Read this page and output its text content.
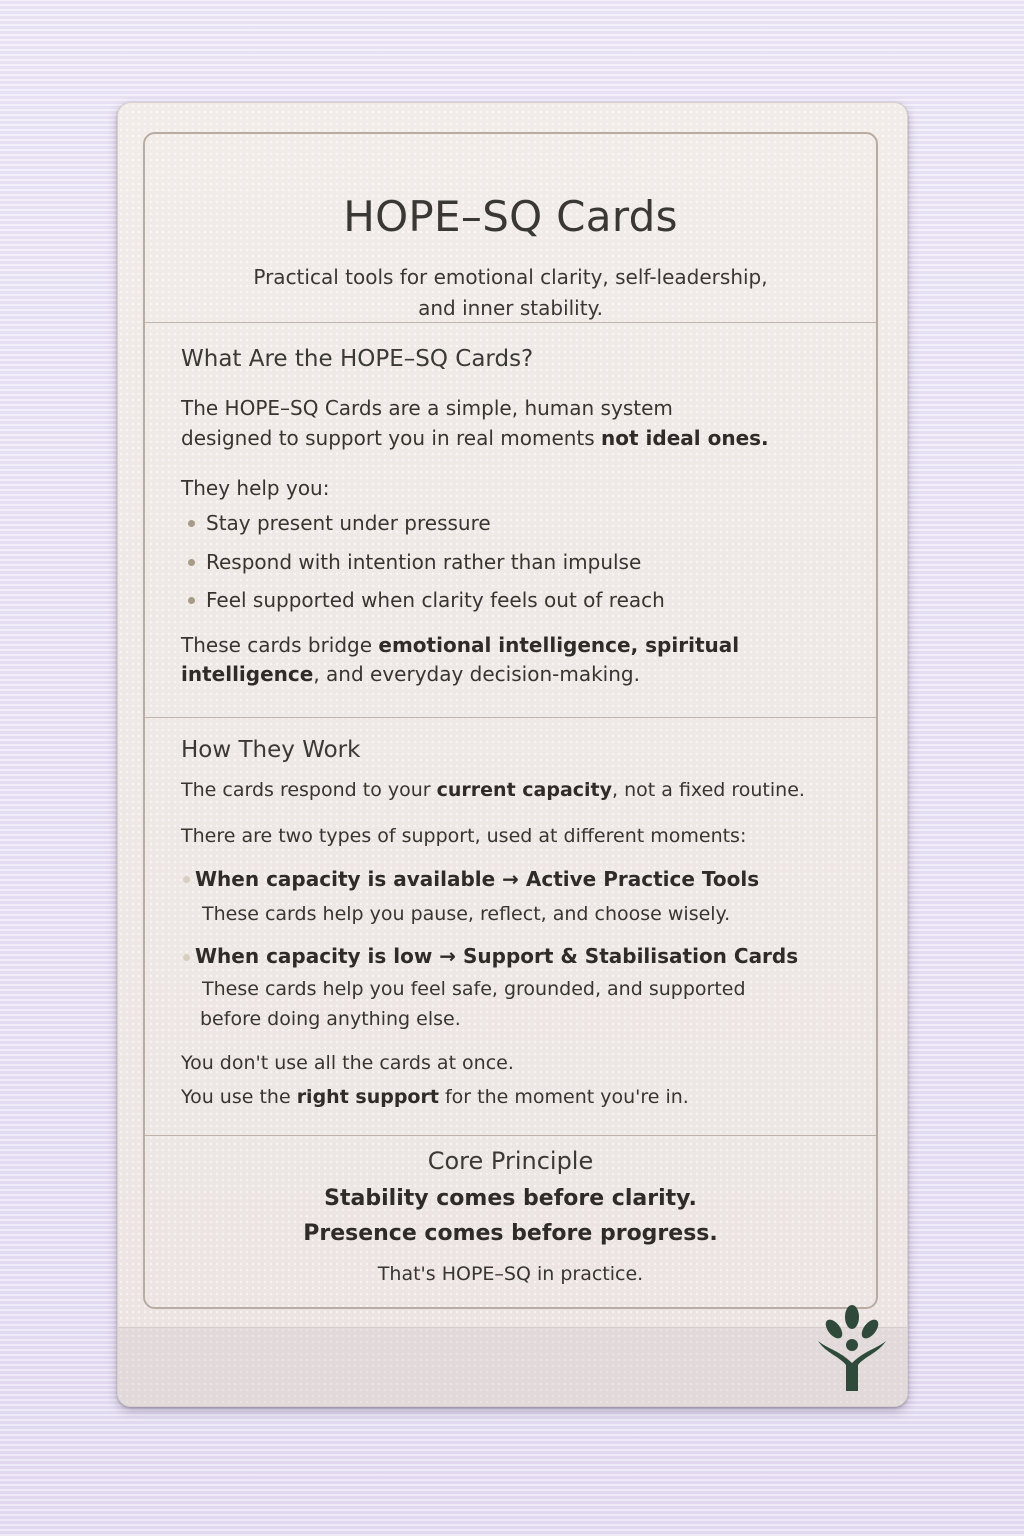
HOPE–SQ Cards
Practical tools for emotional clarity, self-leadership,
and inner stability.
What Are the HOPE–SQ Cards?
The HOPE–SQ Cards are a simple, human system
designed to support you in real moments not ideal ones.
They help you:
Stay present under pressure
Respond with intention rather than impulse
Feel supported when clarity feels out of reach
These cards bridge emotional intelligence, spiritual
intelligence, and everyday decision-making.
How They Work
The cards respond to your current capacity, not a fixed routine.
There are two types of support, used at different moments:
When capacity is available → Active Practice Tools
These cards help you pause, reflect, and choose wisely.
When capacity is low → Support & Stabilisation Cards
These cards help you feel safe, grounded, and supported
before doing anything else.
You don't use all the cards at once.
You use the right support for the moment you're in.
Core Principle
Stability comes before clarity.
Presence comes before progress.
That's HOPE–SQ in practice.
